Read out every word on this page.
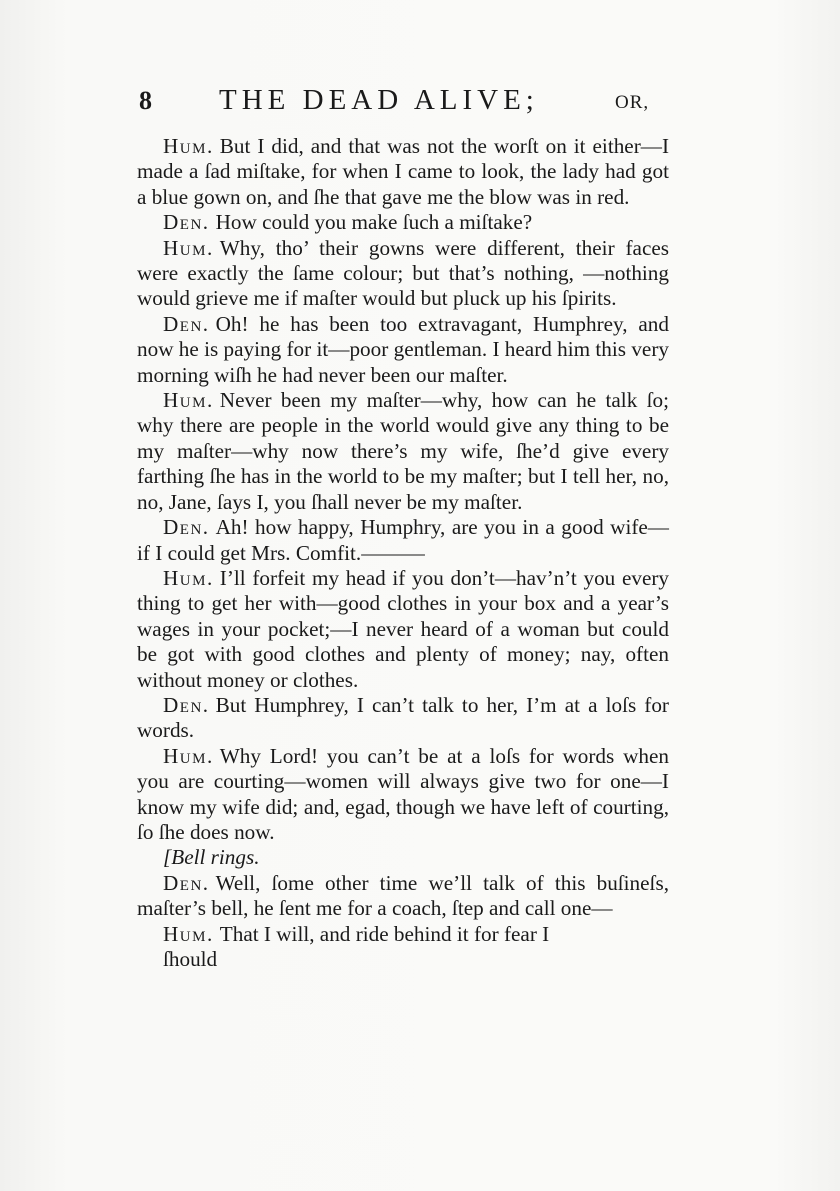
8 THE DEAD ALIVE;	OR,

Hum. But I did, and that was not the worſt on it either—I made a ſad miſtake, for when I came to look, the lady had got a blue gown on, and ſhe that gave me the blow was in red.

Den. How could you make ſuch a miſtake?

Hum. Why, tho’ their gowns were different, their faces were exactly the ſame colour; but that’s nothing, —nothing would grieve me if maſter would but pluck up his ſpirits.

Den. Oh! he has been too extravagant, Humphrey, and now he is paying for it—poor gentleman. I heard him this very morning wiſh he had never been our maſter.

Hum. Never been my maſter—why, how can he talk ſo; why there are people in the world would give any thing to be my maſter—why now there’s my wife, ſhe’d give every farthing ſhe has in the world to be my maſter; but I tell her, no, no, Jane, ſays I, you ſhall never be my maſter.

Den. Ah! how happy, Humphry, are you in a good wife—if I could get Mrs. Comfit.———

Hum. I’ll forfeit my head if you don’t—hav’n’t you every thing to get her with—good clothes in your box and a year’s wages in your pocket;—I never heard of a woman but could be got with good clothes and plenty of money; nay, often without money or clothes.

Den. But Humphrey, I can’t talk to her, I’m at a loſs for words.

Hum. Why Lord! you can’t be at a loſs for words when you are courting—women will always give two for one—I know my wife did; and, egad, though we have left of courting, ſo ſhe does now.

[Bell rings.

Den. Well, ſome other time we’ll talk of this buſineſs, maſter’s bell, he ſent me for a coach, ſtep and call one—

Hum. That I will, and ride behind it for fear I

ſhould
